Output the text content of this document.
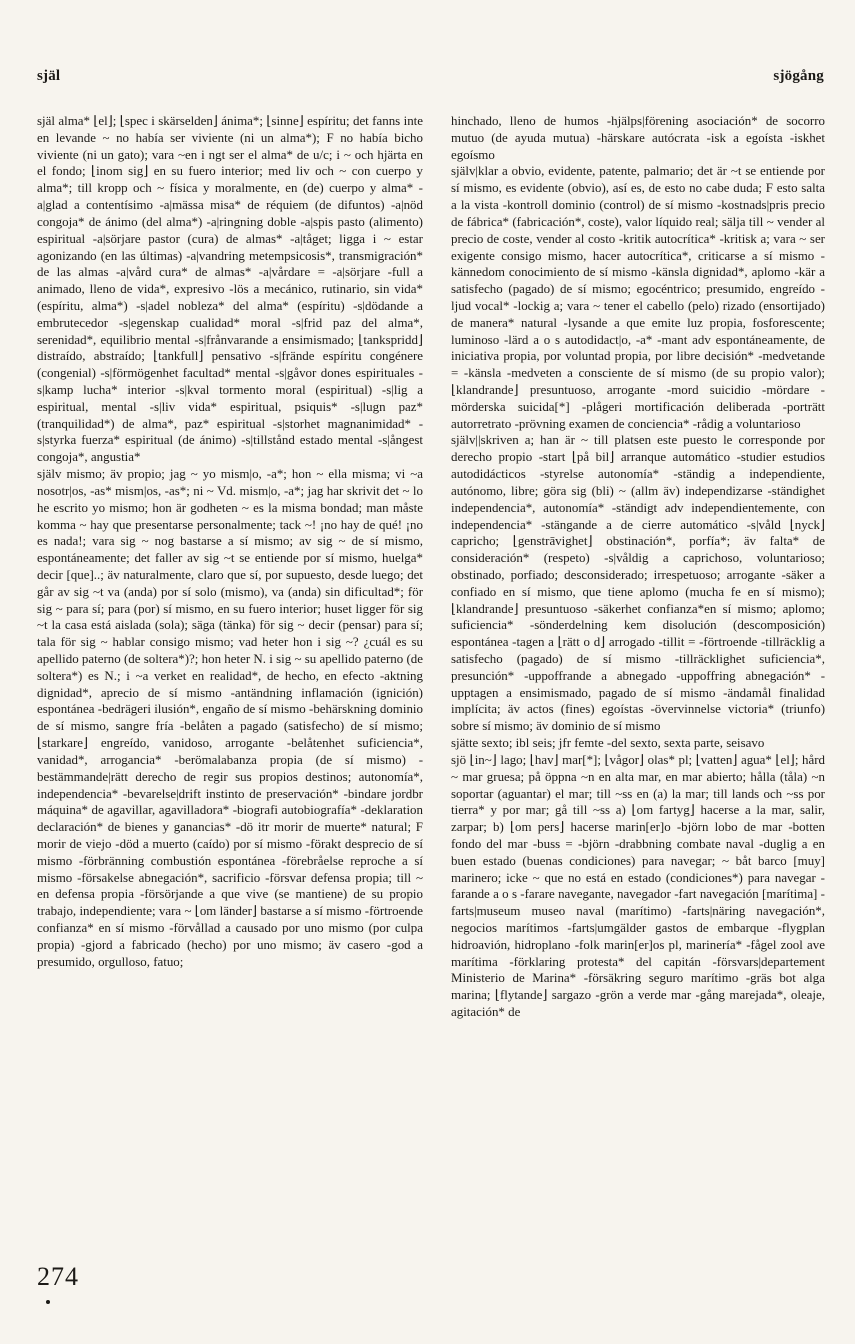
själ	sjögång

själ alma* ⌊el⌋; ⌊spec i skärselden⌋ ánima*; ⌊sinne⌋ espíritu; det fanns inte en levande ~ no había ser viviente (ni un alma*); F no había bicho viviente (ni un gato); vara ~en i ngt ser el alma* de u/c; i ~ och hjärta en el fondo; ⌊inom sig⌋ en su fuero interior; med liv och ~ con cuerpo y alma*; till kropp och ~ física y moralmente, en (de) cuerpo y alma* -a|glad a contentísimo -a|mässa misa* de réquiem (de difuntos) -a|nöd congoja* de ánimo (del alma*) -a|ringning doble -a|spis pasto (alimento) espiritual -a|sörjare pastor (cura) de almas* -a|tåget; ligga i ~ estar agonizando (en las últimas) -a|vandring metempsicosis*, transmigración* de las almas -a|vård cura* de almas* -a|vårdare = -a|sörjare -full a animado, lleno de vida*, expresivo -lös a mecánico, rutinario, sin vida* (espíritu, alma*) -s|adel nobleza* del alma* (espíritu) -s|dödande a embrutecedor -s|egenskap cualidad* moral -s|frid paz del alma*, serenidad*, equilibrio mental -s|frånvarande a ensimismado; ⌊tankspridd⌋ distraído, abstraído; ⌊tankfull⌋ pensativo -s|frände espíritu congénere (congenial) -s|förmögenhet facultad* mental -s|gåvor dones espirituales -s|kamp lucha* interior -s|kval tormento moral (espiritual) -s|lig a espiritual, mental -s|liv vida* espiritual, psiquis* -s|lugn paz* (tranquilidad*) de alma*, paz* espiritual -s|storhet magnanimidad* -s|styrka fuerza* espiritual (de ánimo) -s|tillstånd estado mental -s|ångest congoja*, angustia*

själv mismo; äv propio; jag ~ yo mism|o, -a*; hon ~ ella misma; vi ~a nosotr|os, -as* mism|os, -as*; ni ~ Vd. mism|o, -a*; jag har skrivit det ~ lo he escrito yo mismo; hon är godheten ~ es la misma bondad; man måste komma ~ hay que presentarse personalmente; tack ~! ¡no hay de qué! ¡no es nada!; vara sig ~ nog bastarse a sí mismo; av sig ~ de sí mismo, espontáneamente; det faller av sig ~t se entiende por sí mismo, huelga* decir [que]..; äv naturalmente, claro que sí, por supuesto, desde luego; det går av sig ~t va (anda) por sí solo (mismo), va (anda) sin dificultad*; för sig ~ para sí; para (por) sí mismo, en su fuero interior; huset ligger för sig ~t la casa está aislada (sola); säga (tänka) för sig ~ decir (pensar) para sí; tala för sig ~ hablar consigo mismo; vad heter hon i sig ~? ¿cuál es su apellido paterno (de soltera*)?; hon heter N. i sig ~ su apellido paterno (de soltera*) es N.; i ~a verket en realidad*, de hecho, en efecto -aktning dignidad*, aprecio de sí mismo -antändning inflamación (ignición) espontánea -bedrägeri ilusión*, engaño de sí mismo -behärskning dominio de sí mismo, sangre fría -belåten a pagado (satisfecho) de sí mismo; ⌊starkare⌋ engreído, vanidoso, arrogante -belåtenhet suficiencia*, vanidad*, arrogancia* -berömalabanza propia (de sí mismo) -bestämmande|rätt derecho de regir sus propios destinos; autonomía*, independencia* -bevarelse|drift instinto de preservación* -bindare jordbr máquina* de agavillar, agavilladora* -biografi autobiografía* -deklaration declaración* de bienes y ganancias* -dö itr morir de muerte* natural; F morir de viejo -död a muerto (caído) por sí mismo -förakt desprecio de sí mismo -förbränning combustión espontánea -förebråelse reproche a sí mismo -försakelse abnegación*, sacrificio -försvar defensa propia; till ~ en defensa propia -försörjande a que vive (se mantiene) de su propio trabajo, independiente; vara ~ ⌊om länder⌋ bastarse a sí mismo -förtroende confianza* en sí mismo -förvållad a causado por uno mismo (por culpa propia) -gjord a fabricado (hecho) por uno mismo; äv casero -god a presumido, orgulloso, fatuo;

hinchado, lleno de humos -hjälps|förening asociación* de socorro mutuo (de ayuda mutua) -härskare autócrata -isk a egoísta -iskhet egoísmo

själv|klar a obvio, evidente, patente, palmario; det är ~t se entiende por sí mismo, es evidente (obvio), así es, de esto no cabe duda; F esto salta a la vista -kontroll dominio (control) de sí mismo -kostnads|pris precio de fábrica* (fabricación*, coste), valor líquido real; sälja till ~ vender al precio de coste, vender al costo -kritik autocrítica* -kritisk a; vara ~ ser exigente consigo mismo, hacer autocrítica*, criticarse a sí mismo -kännedom conocimiento de sí mismo -känsla dignidad*, aplomo -kär a satisfecho (pagado) de sí mismo; egocéntrico; presumido, engreído -ljud vocal* -lockig a; vara ~ tener el cabello (pelo) rizado (ensortijado) de manera* natural -lysande a que emite luz propia, fosforescente; luminoso -lärd a o s autodidact|o, -a* -mant adv espontáneamente, de iniciativa propia, por voluntad propia, por libre decisión* -medvetande = -känsla -medveten a consciente de sí mismo (de su propio valor); ⌊klandrande⌋ presuntuoso, arrogante -mord suicidio -mördare -mörderska suicida[*] -plågeri mortificación deliberada -porträtt autorretrato -prövning examen de conciencia* -rådig a voluntarioso

själv||skriven a; han är ~ till platsen este puesto le corresponde por derecho propio -start ⌊på bil⌋ arranque automático -studier estudios autodidácticos -styrelse autonomía* -ständig a independiente, autónomo, libre; göra sig (bli) ~ (allm äv) independizarse -ständighet independencia*, autonomía* -ständigt adv independientemente, con independencia* -stängande a de cierre automático -s|våld ⌊nyck⌋ capricho; ⌊genstrāvighet⌋ obstinación*, porfía*; äv falta* de consideración* (respeto) -s|våldig a caprichoso, voluntarioso; obstinado, porfiado; desconsiderado; irrespetuoso; arrogante -säker a confiado en sí mismo, que tiene aplomo (mucha fe en sí mismo); ⌊klandrande⌋ presuntuoso -säkerhet confianza*en sí mismo; aplomo; suficiencia* -sönderdelning kem disolución (descomposición) espontánea -tagen a ⌊rätt o d⌋ arrogado -tillit = -förtroende -tillräcklig a satisfecho (pagado) de sí mismo -tillräcklighet suficiencia*, presunción* -uppoffrande a abnegado -uppoffring abnegación* -upptagen a ensimismado, pagado de sí mismo -ändamål finalidad implícita; äv actos (fines) egoístas -övervinnelse victoria* (triunfo) sobre sí mismo; äv dominio de sí mismo

sjätte sexto; ibl seis; jfr femte -del sexto, sexta parte, seisavo

sjö ⌊in~⌋ lago; ⌊hav⌋ mar[*]; ⌊vågor⌋ olas* pl; ⌊vatten⌋ agua* ⌊el⌋; hård ~ mar gruesa; på öppna ~n en alta mar, en mar abierto; hålla (tåla) ~n soportar (aguantar) el mar; till ~ss en (a) la mar; till lands och ~ss por tierra* y por mar; gå till ~ss a) ⌊om fartyg⌋ hacerse a la mar, salir, zarpar; b) ⌊om pers⌋ hacerse marin[er]o -björn lobo de mar -botten fondo del mar -buss = -björn -drabbning combate naval -duglig a en buen estado (buenas condiciones) para navegar; ~ båt barco [muy] marinero; icke ~ que no está en estado (condiciones*) para navegar -farande a o s -farare navegante, navegador -fart navegación [marítima] -farts|museum museo naval (marítimo) -farts|näring navegación*, negocios marítimos -farts|umgälder gastos de embarque -flygplan hidroavión, hidroplano -folk marin[er]os pl, marinería* -fågel zool ave marítima -förklaring protesta* del capitán -försvars|departement Ministerio de Marina* -försäkring seguro marítimo -gräs bot alga marina; ⌊flytande⌋ sargazo -grön a verde mar -gång marejada*, oleaje, agitación* de

274
